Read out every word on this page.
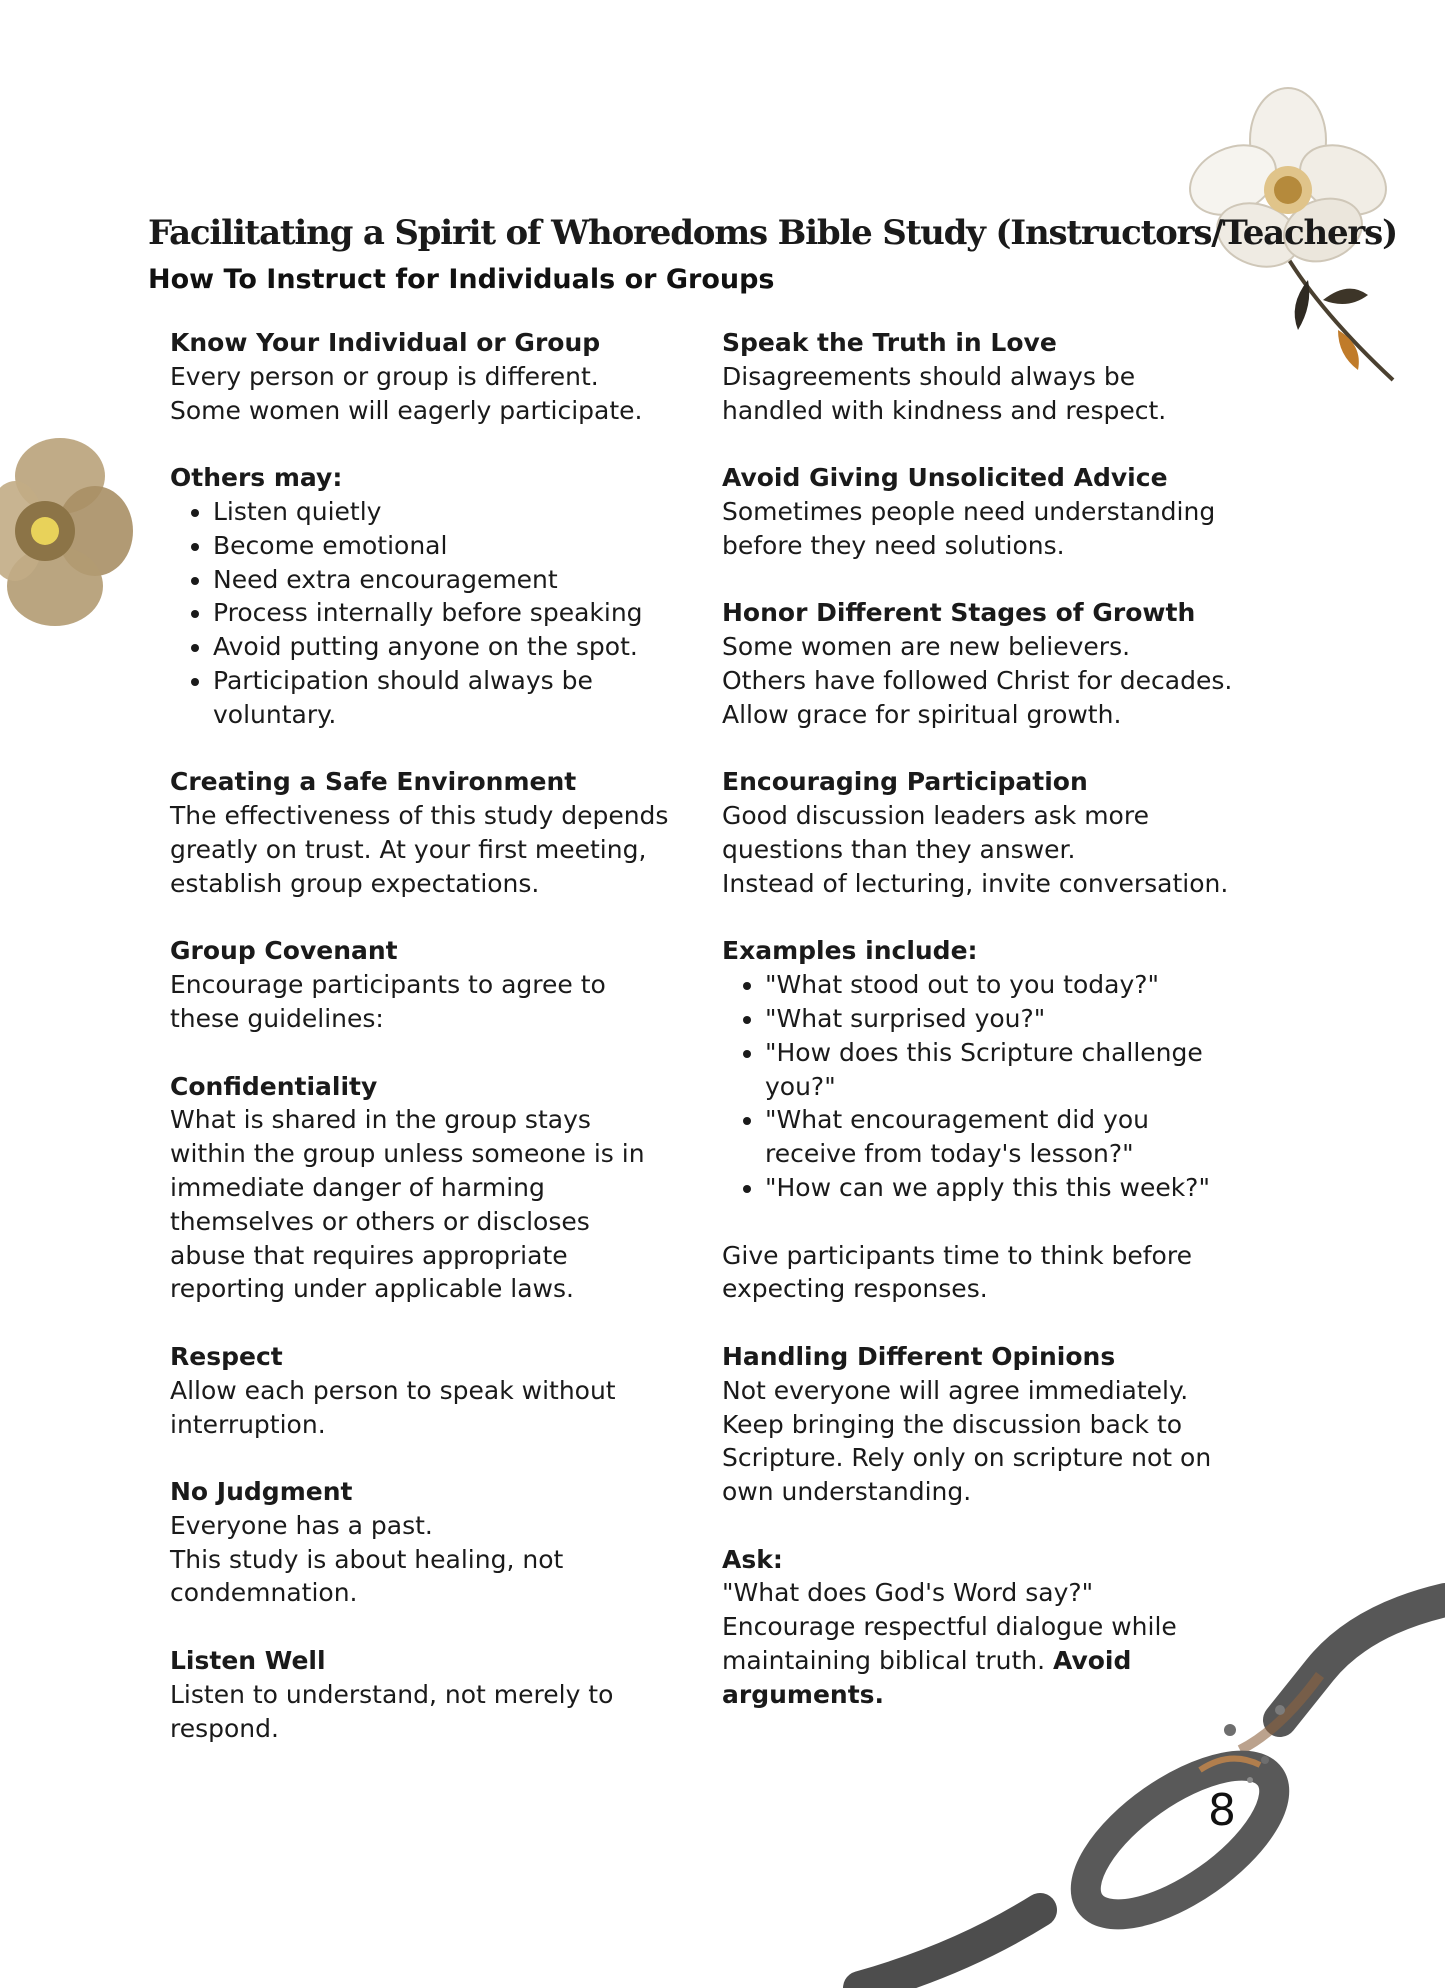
Facilitating a Spirit of Whoredoms Bible Study (Instructors/Teachers)
How To Instruct for Individuals or Groups
Know Your Individual or Group

Every person or group is different.

Some women will eagerly participate.

Others may:
• Listen quietly
• Become emotional
• Need extra encouragement
• Process internally before speaking
• Avoid putting anyone on the spot.
• Participation should always be voluntary.
Creating a Safe Environment

The effectiveness of this study depends greatly on trust. At your first meeting, establish group expectations.

Group Covenant

Encourage participants to agree to these guidelines:

Confidentiality

What is shared in the group stays within the group unless someone is in immediate danger of harming themselves or others or discloses abuse that requires appropriate reporting under applicable laws.

Respect

Allow each person to speak without interruption.

No Judgment

Everyone has a past.

This study is about healing, not condemnation.

Listen Well

Listen to understand, not merely to respond.

Speak the Truth in Love

Disagreements should always be handled with kindness and respect.

Avoid Giving Unsolicited Advice

Sometimes people need understanding before they need solutions.

Honor Different Stages of Growth

Some women are new believers.

Others have followed Christ for decades.

Allow grace for spiritual growth.

Encouraging Participation

Good discussion leaders ask more questions than they answer.

Instead of lecturing, invite conversation.

Examples include:
• "What stood out to you today?"
• "What surprised you?"
• "How does this Scripture challenge you?"
• "What encouragement did you receive from today's lesson?"
• "How can we apply this this week?"

Give participants time to think before expecting responses.

Handling Different Opinions

Not everyone will agree immediately.

Keep bringing the discussion back to Scripture. Rely only on scripture not on own understanding.

Ask:

"What does God's Word say?"

Encourage respectful dialogue while maintaining biblical truth. Avoid arguments.

8
